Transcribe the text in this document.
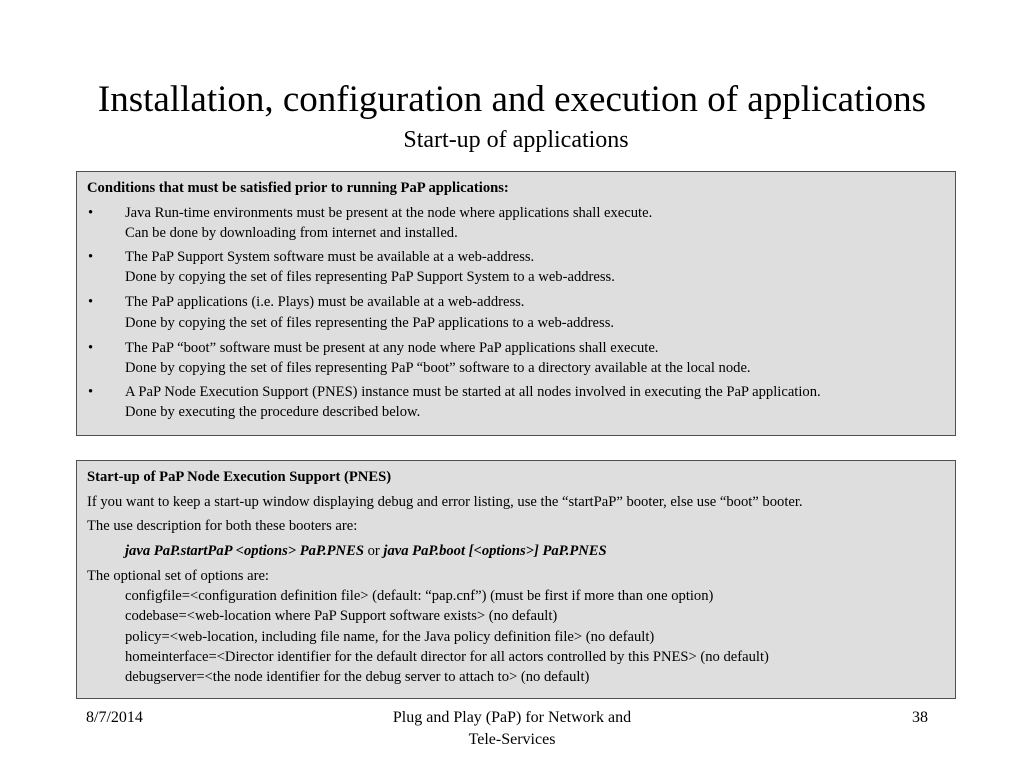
Installation, configuration and execution of applications
Start-up of applications
Conditions that must be satisfied prior to running PaP applications:
• Java Run-time environments must be present at the node where applications shall execute.
Can be done by downloading from internet and installed.
• The PaP Support System software must be available at a web-address.
Done by copying the set of files representing PaP Support System to a web-address.
• The PaP applications (i.e. Plays) must be available at a web-address.
Done by copying the set of files representing the PaP applications to a web-address.
• The PaP “boot” software must be present at any node where PaP applications shall execute.
Done by copying the set of files representing PaP “boot” software to a directory available at the local node.
• A PaP Node Execution Support (PNES) instance must be started at all nodes involved in executing the PaP application.
Done by executing the procedure described below.
Start-up of PaP Node Execution Support (PNES)
If you want to keep a start-up window displaying debug and error listing, use the “startPaP” booter, else use “boot” booter.
The use description for both these booters are:
java PaP.startPaP <options> PaP.PNES or java PaP.boot [<options>] PaP.PNES
The optional set of options are:
configfile=<configuration definition file> (default: “pap.cnf”) (must be first if more than one option)
codebase=<web-location where PaP Support software exists> (no default)
policy=<web-location, including file name, for the Java policy definition file> (no default)
homeinterface=<Director identifier for the default director for all actors controlled by this PNES> (no default)
debugserver=<the node identifier for the debug server to attach to> (no default)
8/7/2014	Plug and Play (PaP) for Network and
Tele-Services
38
